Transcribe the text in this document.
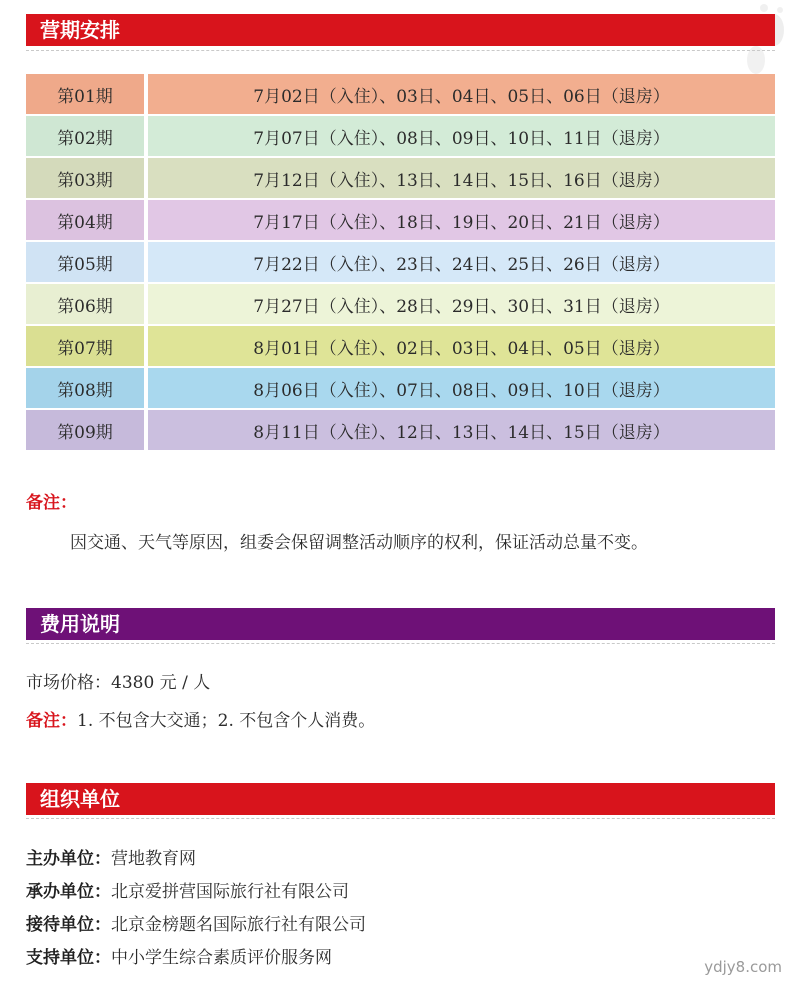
营期安排
第01期	7月02日（入住）、03日、04日、05日、06日（退房）
第02期	7月07日（入住）、08日、09日、10日、11日（退房）
第03期	7月12日（入住）、13日、14日、15日、16日（退房）
第04期	7月17日（入住）、18日、19日、20日、21日（退房）
第05期	7月22日（入住）、23日、24日、25日、26日（退房）
第06期	7月27日（入住）、28日、29日、30日、31日（退房）
第07期	8月01日（入住）、02日、03日、04日、05日（退房）
第08期	8月06日（入住）、07日、08日、09日、10日（退房）
第09期	8月11日（入住）、12日、13日、14日、15日（退房）
备注：
因交通、天气等原因，组委会保留调整活动顺序的权利，保证活动总量不变。
费用说明
市场价格：4380 元 / 人
备注：1. 不包含大交通；2. 不包含个人消费。
组织单位
主办单位：营地教育网
承办单位：北京爱拼营国际旅行社有限公司
接待单位：北京金榜题名国际旅行社有限公司
支持单位：中小学生综合素质评价服务网	ydjy8.com
